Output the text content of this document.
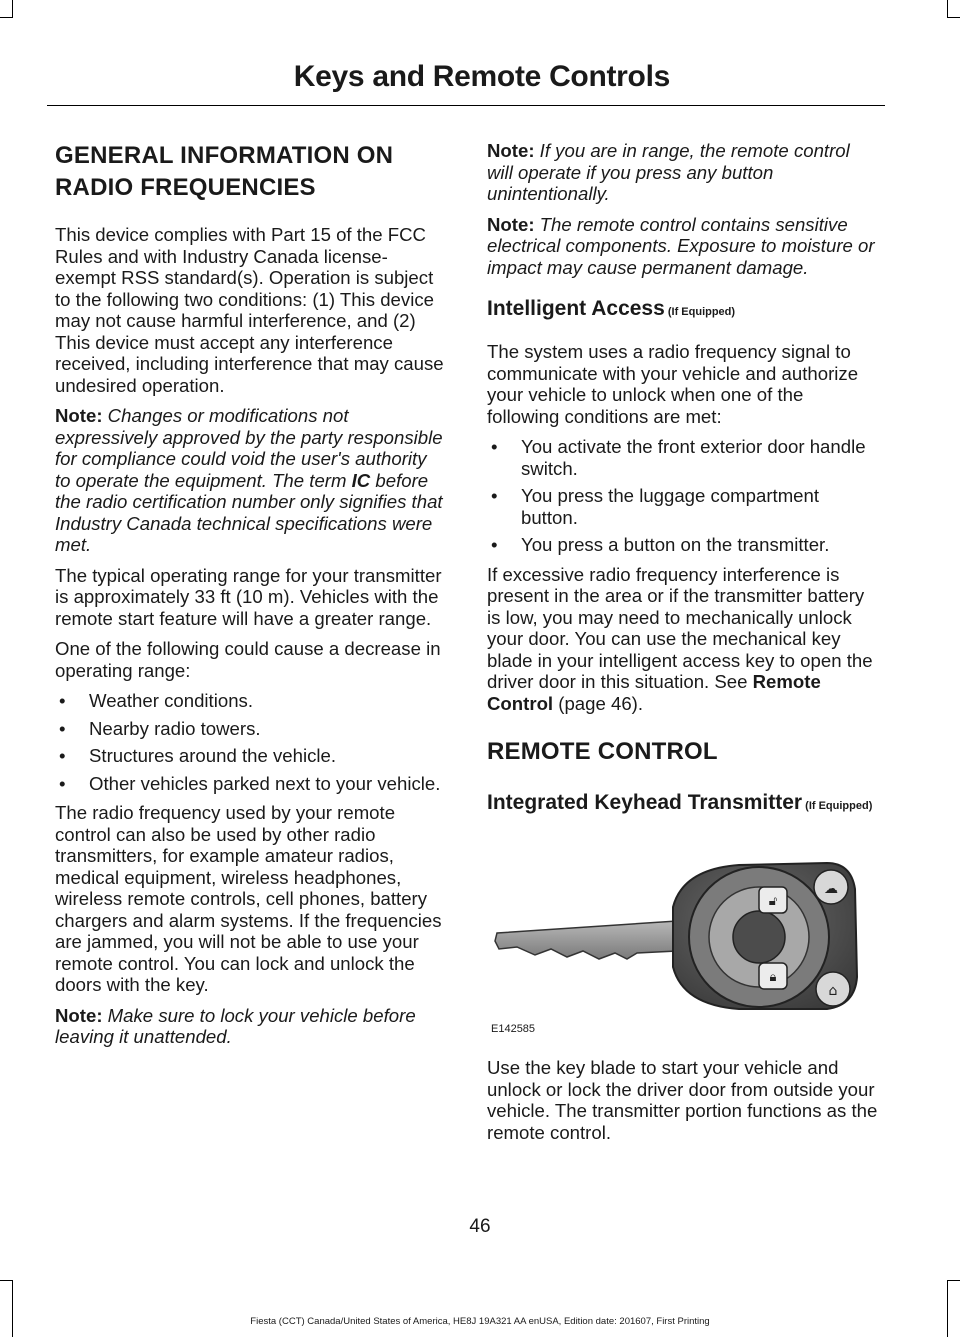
Keys and Remote Controls
GENERAL INFORMATION ON
RADIO FREQUENCIES

This device complies with Part 15 of the FCC Rules and with Industry Canada license-exempt RSS standard(s). Operation is subject to the following two conditions: (1) This device may not cause harmful interference, and (2) This device must accept any interference received, including interference that may cause undesired operation.

Note: Changes or modifications not expressively approved by the party responsible for compliance could void the user's authority to operate the equipment. The term IC before the radio certification number only signifies that Industry Canada technical specifications were met.

The typical operating range for your transmitter is approximately 33 ft (10 m). Vehicles with the remote start feature will have a greater range.

One of the following could cause a decrease in operating range:

• Weather conditions.
• Nearby radio towers.
• Structures around the vehicle.
• Other vehicles parked next to your vehicle.

The radio frequency used by your remote control can also be used by other radio transmitters, for example amateur radios, medical equipment, wireless headphones, wireless remote controls, cell phones, battery chargers and alarm systems. If the frequencies are jammed, you will not be able to use your remote control. You can lock and unlock the doors with the key.

Note: Make sure to lock your vehicle before leaving it unattended.

Note: If you are in range, the remote control will operate if you press any button unintentionally.

Note: The remote control contains sensitive electrical components. Exposure to moisture or impact may cause permanent damage.

Intelligent Access (If Equipped)

The system uses a radio frequency signal to communicate with your vehicle and authorize your vehicle to unlock when one of the following conditions are met:

• You activate the front exterior door handle switch.
• You press the luggage compartment button.
• You press a button on the transmitter.

If excessive radio frequency interference is present in the area or if the transmitter battery is low, you may need to mechanically unlock your door. You can use the mechanical key blade in your intelligent access key to open the driver door in this situation. See Remote Control (page 46).

REMOTE CONTROL
Integrated Keyhead Transmitter (If Equipped)
🔓︎
🔒︎
☁
⌂
E142585

Use the key blade to start your vehicle and unlock or lock the driver door from outside your vehicle. The transmitter portion functions as the remote control.

46
Fiesta (CCT) Canada/United States of America, HE8J 19A321 AA enUSA, Edition date: 201607, First Printing
